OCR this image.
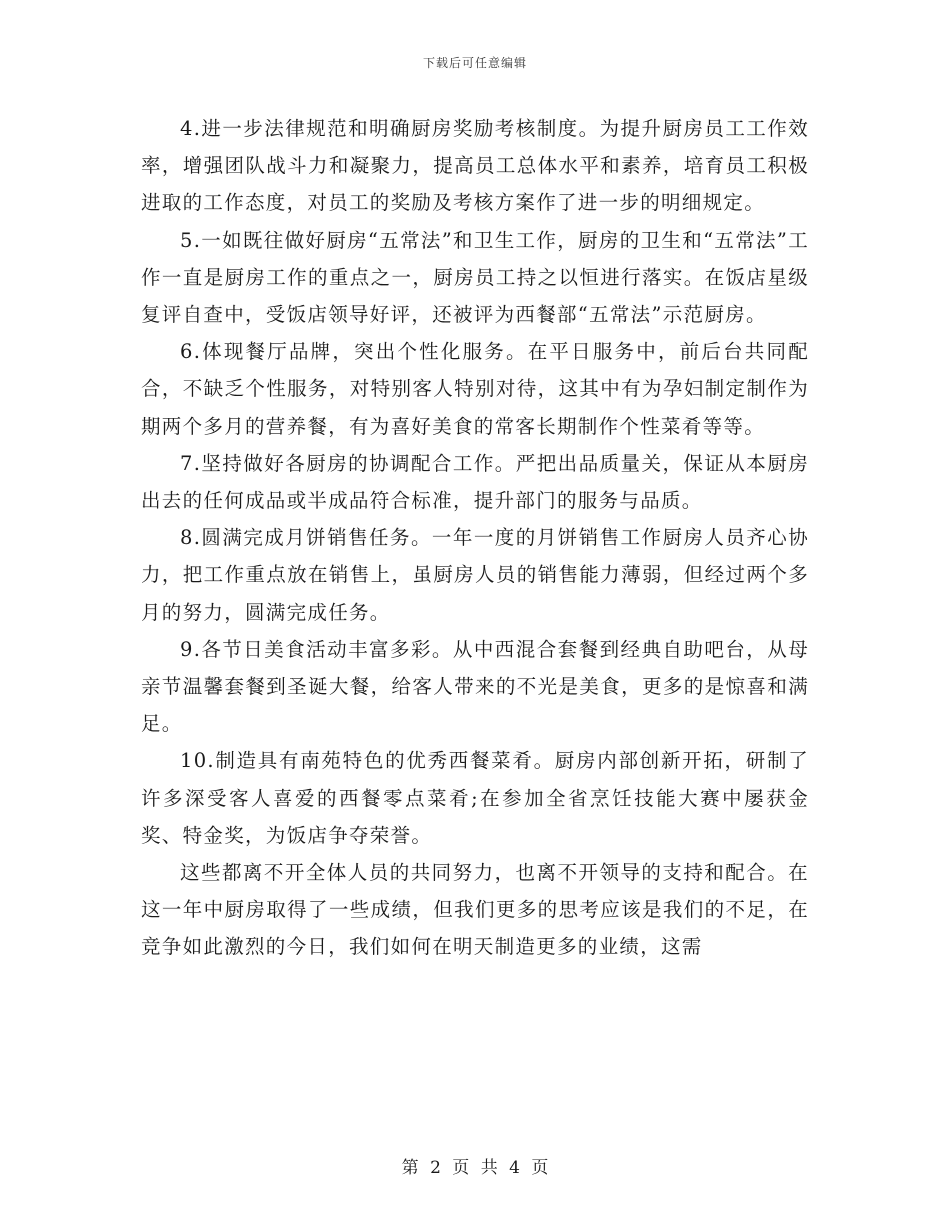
下载后可任意编辑

4.进一步法律规范和明确厨房奖励考核制度。为提升厨房员工工作效率，增强团队战斗力和凝聚力，提高员工总体水平和素养，培育员工积极进取的工作态度，对员工的奖励及考核方案作了进一步的明细规定。

5.一如既往做好厨房“五常法”和卫生工作，厨房的卫生和“五常法”工作一直是厨房工作的重点之一，厨房员工持之以恒进行落实。在饭店星级复评自查中，受饭店领导好评，还被评为西餐部“五常法”示范厨房。

6.体现餐厅品牌，突出个性化服务。在平日服务中，前后台共同配合，不缺乏个性服务，对特别客人特别对待，这其中有为孕妇制定制作为期两个多月的营养餐，有为喜好美食的常客长期制作个性菜肴等等。

7.坚持做好各厨房的协调配合工作。严把出品质量关，保证从本厨房出去的任何成品或半成品符合标准，提升部门的服务与品质。

8.圆满完成月饼销售任务。一年一度的月饼销售工作厨房人员齐心协力，把工作重点放在销售上，虽厨房人员的销售能力薄弱，但经过两个多月的努力，圆满完成任务。

9.各节日美食活动丰富多彩。从中西混合套餐到经典自助吧台，从母亲节温馨套餐到圣诞大餐，给客人带来的不光是美食，更多的是惊喜和满足。

10.制造具有南苑特色的优秀西餐菜肴。厨房内部创新开拓，研制了许多深受客人喜爱的西餐零点菜肴;在参加全省烹饪技能大赛中屡获金奖、特金奖，为饭店争夺荣誉。

这些都离不开全体人员的共同努力，也离不开领导的支持和配合。在这一年中厨房取得了一些成绩，但我们更多的思考应该是我们的不足，在竞争如此激烈的今日，我们如何在明天制造更多的业绩，这需

第 2 页 共 4 页
